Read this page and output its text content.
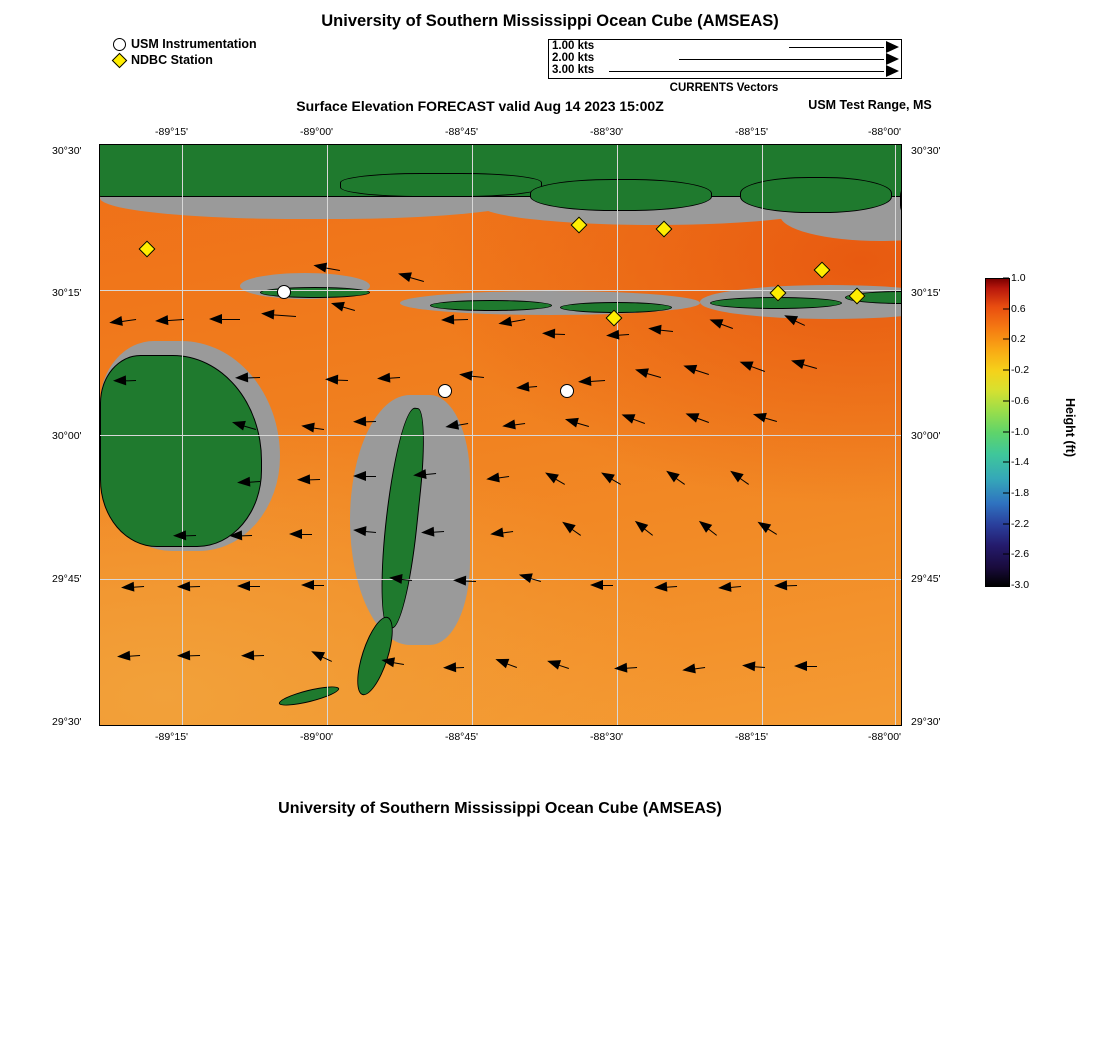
University of Southern Mississippi Ocean Cube (AMSEAS)
USM Instrumentation
NDBC Station
1.00 kts
2.00 kts
3.00 kts
CURRENTS Vectors
Surface Elevation FORECAST valid Aug 14 2023 15:00Z	USM Test Range, MS
-89°15'	-89°00'	-88°45'	-88°30'	-88°15'	-88°00'
-89°15'	-89°00'	-88°45'	-88°30'	-88°15'	-88°00'
30°30'
30°15'
30°00'
29°45'
29°30'
30°30'
30°15'
30°00'
29°45'
29°30'
1.0
0.6
0.2
-0.2
-0.6
-1.0
-1.4
-1.8
-2.2
-2.6
-3.0
Height (ft)
University of Southern Mississippi Ocean Cube (AMSEAS)
